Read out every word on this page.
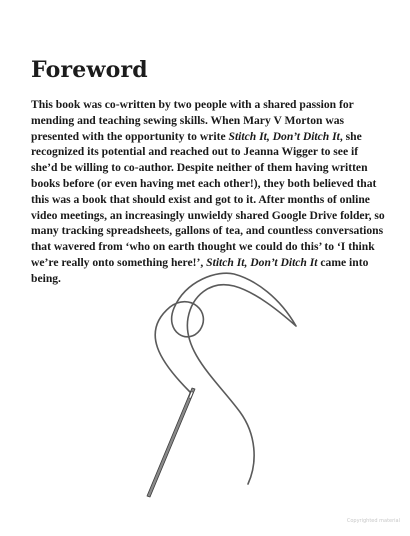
Foreword

This book was co-written by two people with a shared passion for mending and teaching sewing skills. When Mary V Morton was presented with the opportunity to write Stitch It, Don’t Ditch It, she recognized its potential and reached out to Jeanna Wigger to see if she’d be willing to co-author. Despite neither of them having written books before (or even having met each other!), they both believed that this was a book that should exist and got to it. After months of online video meetings, an increasingly unwieldy shared Google Drive folder, so many tracking spreadsheets, gallons of tea, and countless conversations that wavered from ‘who on earth thought we could do this’ to ‘I think we’re really onto something here!’, Stitch It, Don’t Ditch It came into being.

Copyrighted material
